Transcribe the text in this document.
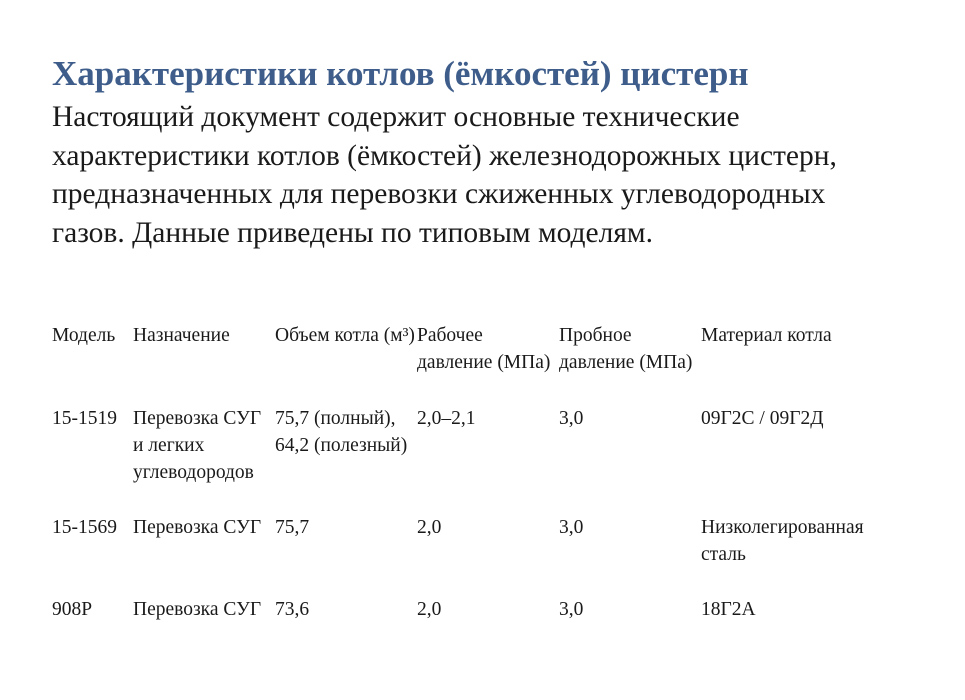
Характеристики котлов (ёмкостей) цистерн

Настоящий документ содержит основные технические характеристики котлов (ёмкостей) железнодорожных цистерн, предназначенных для перевозки сжиженных углеводородных газов. Данные приведены по типовым моделям.

Модель	Назначение	Объем котла (м³)	Рабочее давление (МПа)	Пробное давление (МПа)	Материал котла
15-1519	Перевозка СУГ и легких углеводородов	75,7 (полный), 64,2 (полезный)	2,0–2,1	3,0	09Г2С / 09Г2Д
15-1569	Перевозка СУГ	75,7	2,0	3,0	Низколегированная сталь
908Р	Перевозка СУГ	73,6	2,0	3,0	18Г2А
